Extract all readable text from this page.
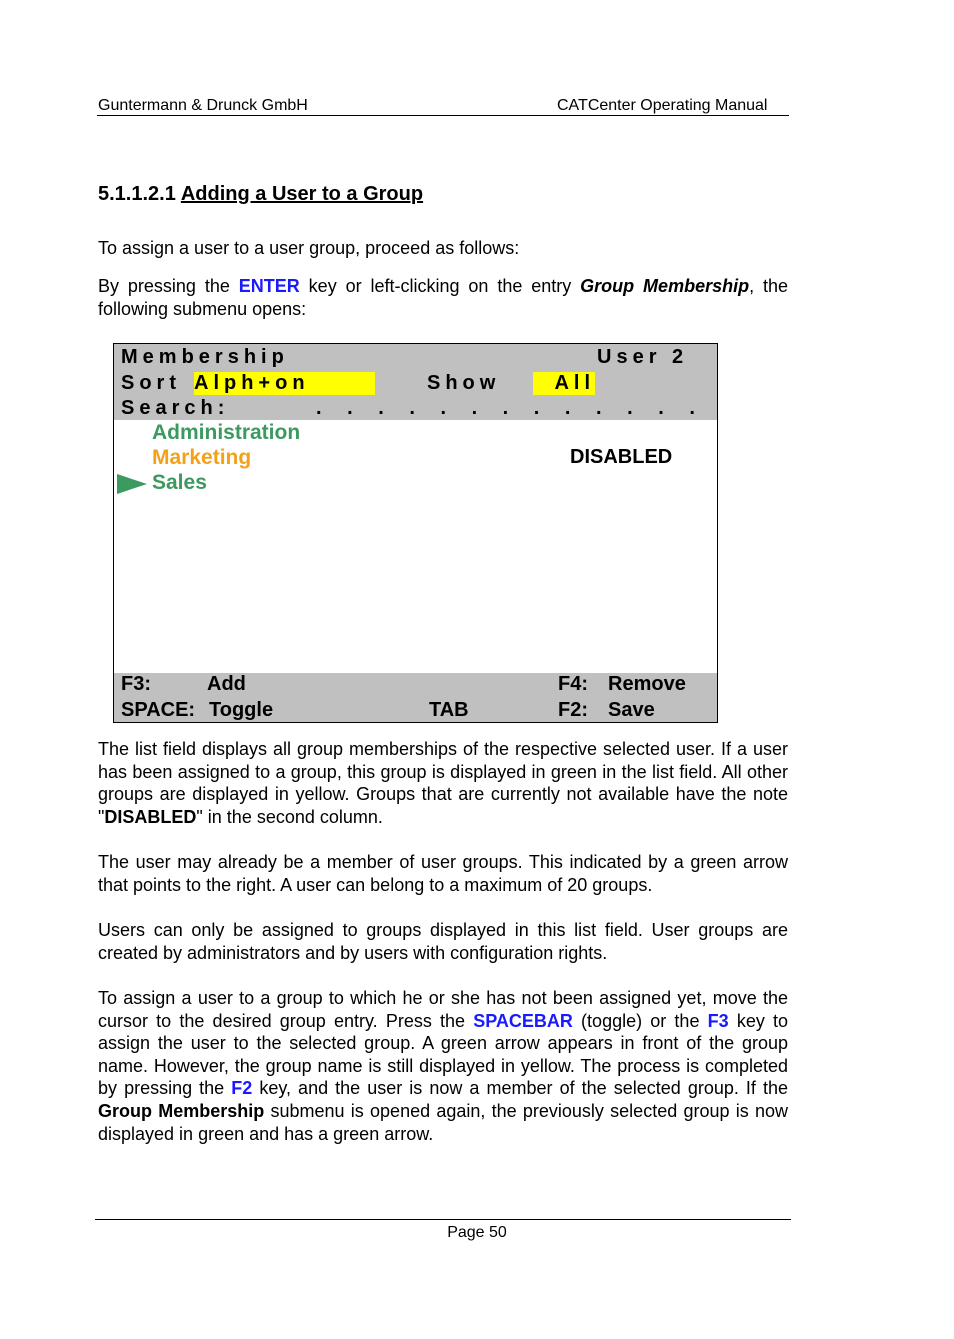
Guntermann & Drunck GmbH	CATCenter Operating Manual
5.1.1.2.1 Adding a User to a Group
To assign a user to a user group, proceed as follows:
By pressing the ENTER key or left-clicking on the entry Group Membership, the following submenu opens:
Membership	User 2
Sort Alph+on	Show	All
Search:	. . . . . . . . . . . . .
Administration
Marketing	DISABLED
Sales
F3:	Add	F4: Remove
SPACE: Toggle	TAB	F2: Save
The list field displays all group memberships of the respective selected user. If a user has been assigned to a group, this group is displayed in green in the list field. All other groups are displayed in yellow. Groups that are currently not available have the note "DISABLED" in the second column.
The user may already be a member of user groups. This indicated by a green arrow that points to the right. A user can belong to a maximum of 20 groups.
Users can only be assigned to groups displayed in this list field. User groups are created by administrators and by users with configuration rights.
To assign a user to a group to which he or she has not been assigned yet, move the cursor to the desired group entry. Press the SPACEBAR (toggle) or the F3 key to assign the user to the selected group. A green arrow appears in front of the group name. However, the group name is still displayed in yellow. The process is completed by pressing the F2 key, and the user is now a member of the selected group. If the Group Membership submenu is opened again, the previously selected group is now displayed in green and has a green arrow.
Page 50
